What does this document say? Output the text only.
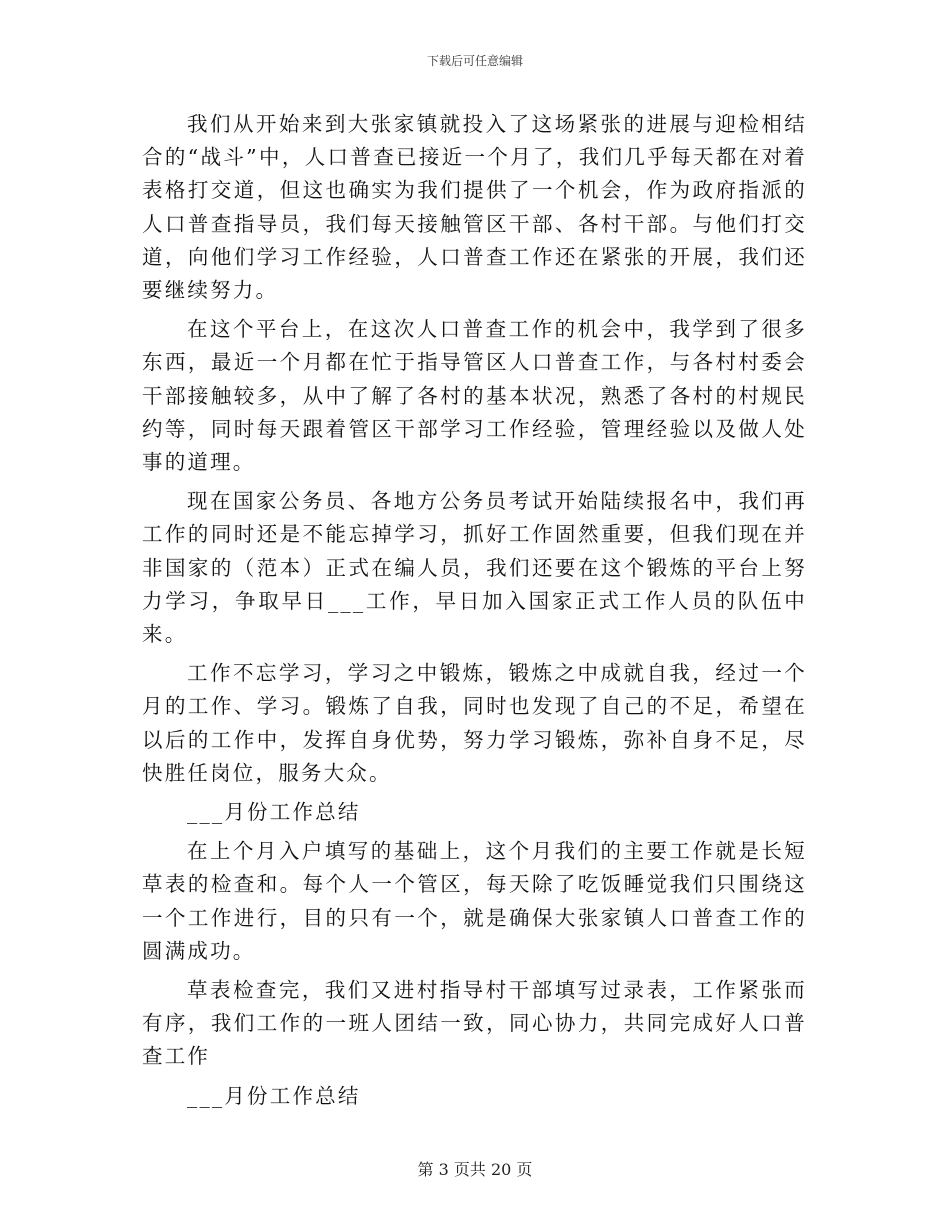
下载后可任意编辑

我们从开始来到大张家镇就投入了这场紧张的进展与迎检相结合的“战斗”中，人口普查已接近一个月了，我们几乎每天都在对着表格打交道，但这也确实为我们提供了一个机会，作为政府指派的人口普查指导员，我们每天接触管区干部、各村干部。与他们打交道，向他们学习工作经验，人口普查工作还在紧张的开展，我们还要继续努力。

在这个平台上，在这次人口普查工作的机会中，我学到了很多东西，最近一个月都在忙于指导管区人口普查工作，与各村村委会干部接触较多，从中了解了各村的基本状况，熟悉了各村的村规民约等，同时每天跟着管区干部学习工作经验，管理经验以及做人处事的道理。

现在国家公务员、各地方公务员考试开始陆续报名中，我们再工作的同时还是不能忘掉学习，抓好工作固然重要，但我们现在并非国家的（范本）正式在编人员，我们还要在这个锻炼的平台上努力学习，争取早日___工作，早日加入国家正式工作人员的队伍中来。

工作不忘学习，学习之中锻炼，锻炼之中成就自我，经过一个月的工作、学习。锻炼了自我，同时也发现了自己的不足，希望在以后的工作中，发挥自身优势，努力学习锻炼，弥补自身不足，尽快胜任岗位，服务大众。

___月份工作总结

在上个月入户填写的基础上，这个月我们的主要工作就是长短草表的检查和。每个人一个管区，每天除了吃饭睡觉我们只围绕这一个工作进行，目的只有一个，就是确保大张家镇人口普查工作的圆满成功。

草表检查完，我们又进村指导村干部填写过录表，工作紧张而有序，我们工作的一班人团结一致，同心协力，共同完成好人口普查工作

___月份工作总结

第 3 页共 20 页
